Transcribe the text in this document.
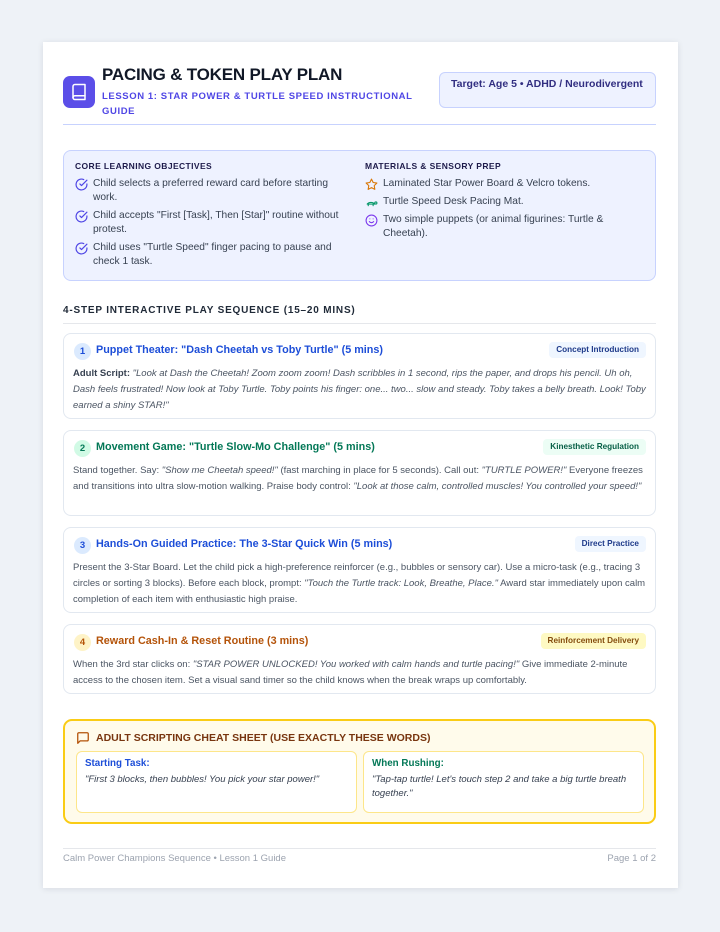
PACING & TOKEN PLAY PLAN
LESSON 1: STAR POWER & TURTLE SPEED INSTRUCTIONAL GUIDE
Target: Age 5 • ADHD / Neurodivergent
CORE LEARNING OBJECTIVES
Child selects a preferred reward card before starting work.
Child accepts "First [Task], Then [Star]" routine without protest.
Child uses "Turtle Speed" finger pacing to pause and check 1 task.
MATERIALS & SENSORY PREP
Laminated Star Power Board & Velcro tokens.
Turtle Speed Desk Pacing Mat.
Two simple puppets (or animal figurines: Turtle & Cheetah).
4-STEP INTERACTIVE PLAY SEQUENCE (15–20 MINS)
1	Puppet Theater: "Dash Cheetah vs Toby Turtle" (5 mins)	Concept Introduction
Adult Script: "Look at Dash the Cheetah! Zoom zoom zoom! Dash scribbles in 1 second, rips the paper, and drops his pencil. Uh oh, Dash feels frustrated! Now look at Toby Turtle. Toby points his finger: one... two... slow and steady. Toby takes a belly breath. Look! Toby earned a shiny STAR!"
2	Movement Game: "Turtle Slow-Mo Challenge" (5 mins)	Kinesthetic Regulation
Stand together. Say: "Show me Cheetah speed!" (fast marching in place for 5 seconds). Call out: "TURTLE POWER!" Everyone freezes and transitions into ultra slow-motion walking. Praise body control: "Look at those calm, controlled muscles! You controlled your speed!"
3	Hands-On Guided Practice: The 3-Star Quick Win (5 mins)	Direct Practice
Present the 3-Star Board. Let the child pick a high-preference reinforcer (e.g., bubbles or sensory car). Use a micro-task (e.g., tracing 3 circles or sorting 3 blocks). Before each block, prompt: "Touch the Turtle track: Look, Breathe, Place." Award star immediately upon calm completion of each item with enthusiastic high praise.
4	Reward Cash-In & Reset Routine (3 mins)	Reinforcement Delivery
When the 3rd star clicks on: "STAR POWER UNLOCKED! You worked with calm hands and turtle pacing!" Give immediate 2-minute access to the chosen item. Set a visual sand timer so the child knows when the break wraps up comfortably.
ADULT SCRIPTING CHEAT SHEET (USE EXACTLY THESE WORDS)
Starting Task:
"First 3 blocks, then bubbles! You pick your star power!"
When Rushing:
"Tap-tap turtle! Let's touch step 2 and take a big turtle breath together."
Calm Power Champions Sequence • Lesson 1 Guide	Page 1 of 2
